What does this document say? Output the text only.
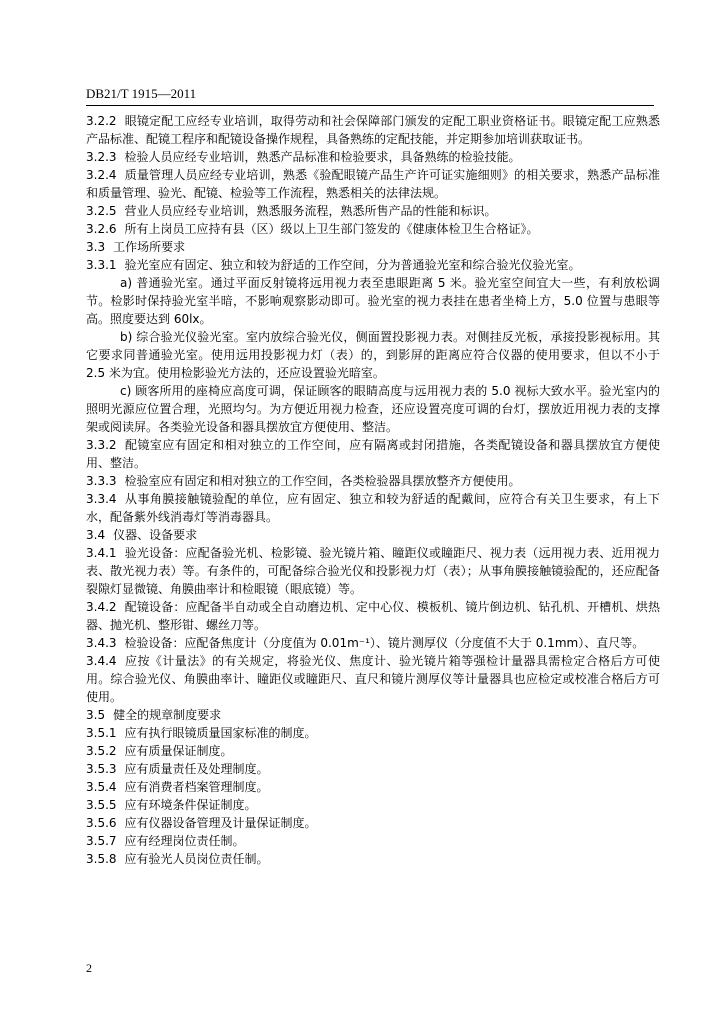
DB21/T 1915—2011

3.2.2 眼镜定配工应经专业培训，取得劳动和社会保障部门颁发的定配工职业资格证书。眼镜定配工应熟悉产品标准、配镜工程序和配镜设备操作规程，具备熟练的定配技能，并定期参加培训获取证书。

3.2.3 检验人员应经专业培训，熟悉产品标准和检验要求，具备熟练的检验技能。

3.2.4 质量管理人员应经专业培训，熟悉《验配眼镜产品生产许可证实施细则》的相关要求，熟悉产品标准和质量管理、验光、配镜、检验等工作流程，熟悉相关的法律法规。

3.2.5 营业人员应经专业培训，熟悉服务流程，熟悉所售产品的性能和标识。

3.2.6 所有上岗员工应持有县（区）级以上卫生部门签发的《健康体检卫生合格证》。

3.3 工作场所要求

3.3.1 验光室应有固定、独立和较为舒适的工作空间，分为普通验光室和综合验光仪验光室。

a) 普通验光室。通过平面反射镜将远用视力表至患眼距离 5 米。验光室空间宜大一些，有利放松调节。检影时保持验光室半暗，不影响观察影动即可。验光室的视力表挂在患者坐椅上方，5.0 位置与患眼等高。照度要达到 60lx。

b) 综合验光仪验光室。室内放综合验光仪，侧面置投影视力表。对侧挂反光板，承接投影视标用。其它要求同普通验光室。使用远用投影视力灯（表）的，到影屏的距离应符合仪器的使用要求，但以不小于 2.5 米为宜。使用检影验光方法的，还应设置验光暗室。

c) 顾客所用的座椅应高度可调，保证顾客的眼睛高度与远用视力表的 5.0 视标大致水平。验光室内的照明光源应位置合理，光照均匀。为方便近用视力检查，还应设置亮度可调的台灯，摆放近用视力表的支撑架或阅读屏。各类验光设备和器具摆放宜方便使用、整洁。

3.3.2 配镜室应有固定和相对独立的工作空间，应有隔离或封闭措施，各类配镜设备和器具摆放宜方便使用、整洁。

3.3.3 检验室应有固定和相对独立的工作空间，各类检验器具摆放整齐方便使用。

3.3.4 从事角膜接触镜验配的单位，应有固定、独立和较为舒适的配戴间，应符合有关卫生要求，有上下水，配备紫外线消毒灯等消毒器具。

3.4 仪器、设备要求

3.4.1 验光设备：应配备验光机、检影镜、验光镜片箱、瞳距仪或瞳距尺、视力表（远用视力表、近用视力表、散光视力表）等。有条件的，可配备综合验光仪和投影视力灯（表）；从事角膜接触镜验配的，还应配备裂隙灯显微镜、角膜曲率计和检眼镜（眼底镜）等。

3.4.2 配镜设备：应配备半自动或全自动磨边机、定中心仪、模板机、镜片倒边机、钻孔机、开槽机、烘热器、抛光机、整形钳、螺丝刀等。

3.4.3 检验设备：应配备焦度计（分度值为 0.01m⁻¹）、镜片测厚仪（分度值不大于 0.1mm）、直尺等。

3.4.4 应按《计量法》的有关规定，将验光仪、焦度计、验光镜片箱等强检计量器具需检定合格后方可使用。综合验光仪、角膜曲率计、瞳距仪或瞳距尺、直尺和镜片测厚仪等计量器具也应检定或校准合格后方可使用。

3.5 健全的规章制度要求

3.5.1 应有执行眼镜质量国家标准的制度。

3.5.2 应有质量保证制度。

3.5.3 应有质量责任及处理制度。

3.5.4 应有消费者档案管理制度。

3.5.5 应有环境条件保证制度。

3.5.6 应有仪器设备管理及计量保证制度。

3.5.7 应有经理岗位责任制。

3.5.8 应有验光人员岗位责任制。

2
